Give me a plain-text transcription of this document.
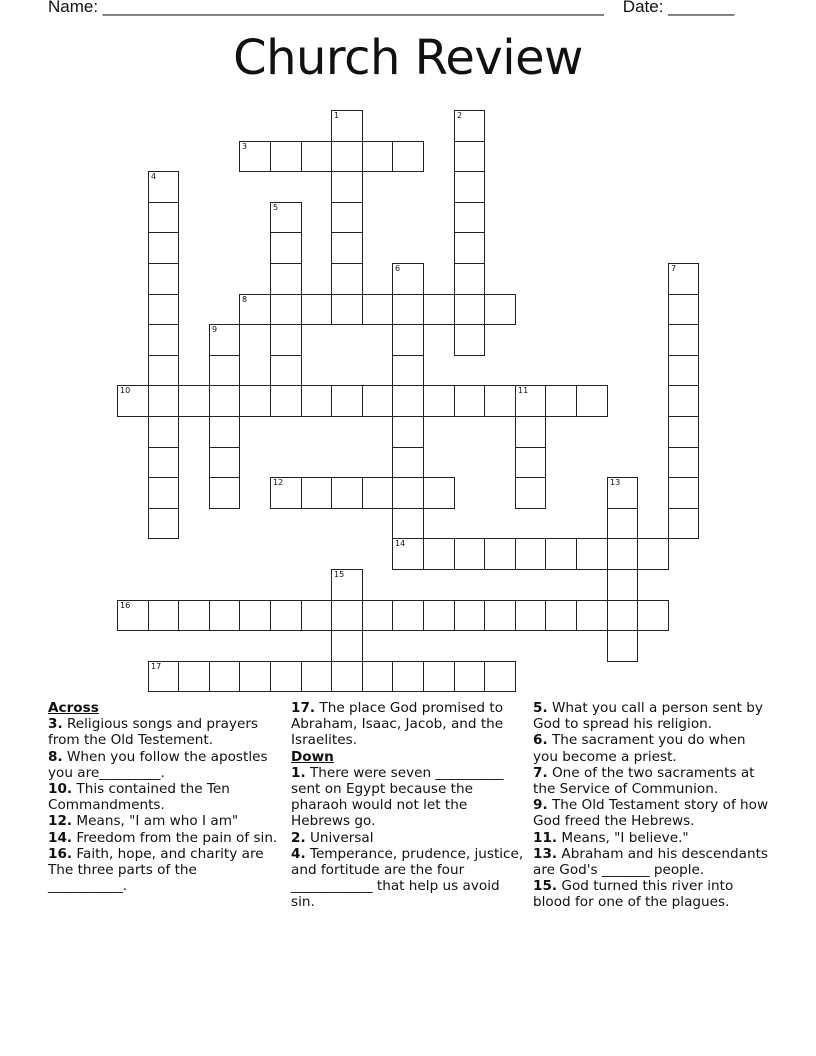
Name: _____________________________________________________ Date: _______
Church Review
3
8
10	11
12
14
16
17
1	2
4
5
6	7
9
13
15
Across
3. Religious songs and prayers from the Old Testement.
8. When you follow the apostles you are_________.
10. This contained the Ten Commandments.
12. Means, "I am who I am"
14. Freedom from the pain of sin.
16. Faith, hope, and charity are The three parts of the ___________.
17. The place God promised to Abraham, Isaac, Jacob, and the Israelites.
Down
1. There were seven __________ sent on Egypt because the pharaoh would not let the Hebrews go.
2. Universal
4. Temperance, prudence, justice, and fortitude are the four ____________ that help us avoid sin.
5. What you call a person sent by God to spread his religion.
6. The sacrament you do when you become a priest.
7. One of the two sacraments at the Service of Communion.
9. The Old Testament story of how God freed the Hebrews.
11. Means, "I believe."
13. Abraham and his descendants are God's _______ people.
15. God turned this river into blood for one of the plagues.
